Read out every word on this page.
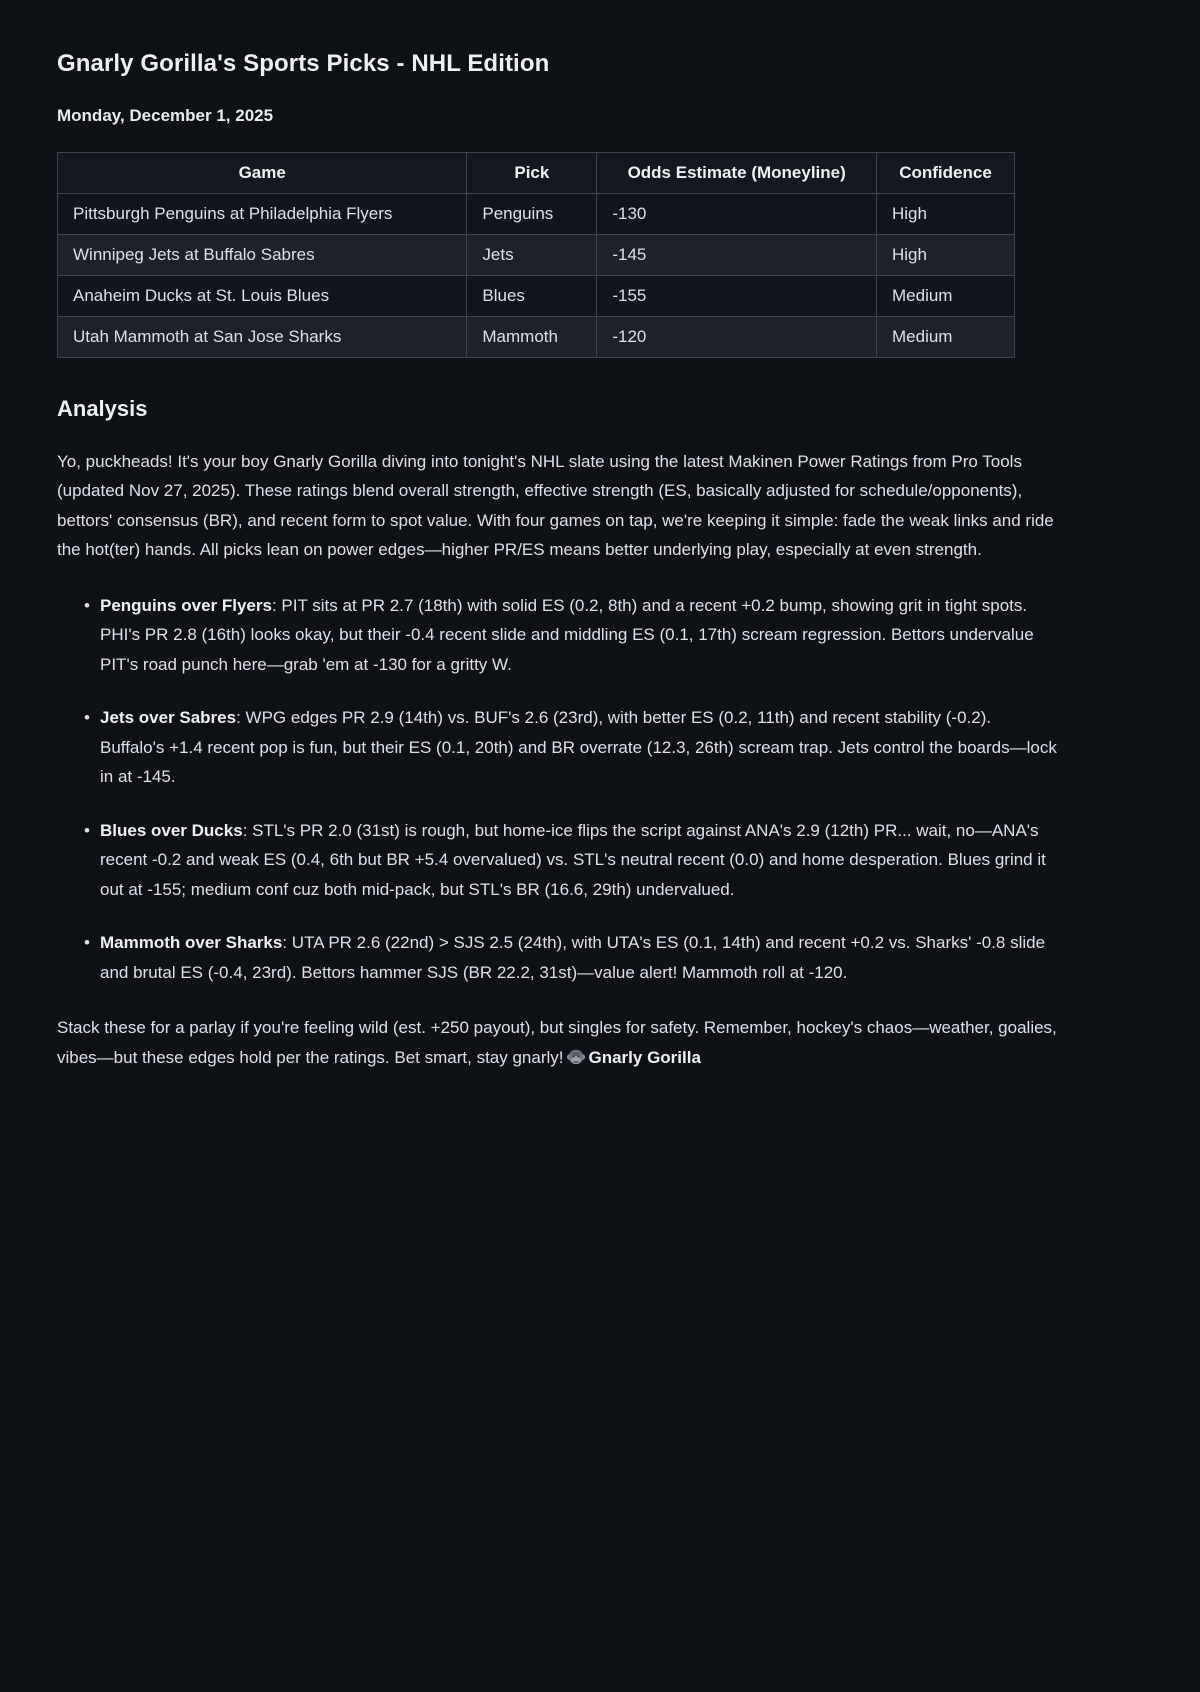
Gnarly Gorilla's Sports Picks - NHL Edition

Monday, December 1, 2025

Game	Pick	Odds Estimate (Moneyline)	Confidence
Pittsburgh Penguins at Philadelphia Flyers	Penguins	-130	High
Winnipeg Jets at Buffalo Sabres	Jets	-145	High
Anaheim Ducks at St. Louis Blues	Blues	-155	Medium
Utah Mammoth at San Jose Sharks	Mammoth	-120	Medium
Analysis

Yo, puckheads! It's your boy Gnarly Gorilla diving into tonight's NHL slate using the latest Makinen Power Ratings from Pro Tools (updated Nov 27, 2025). These ratings blend overall strength, effective strength (ES, basically adjusted for schedule/opponents), bettors' consensus (BR), and recent form to spot value. With four games on tap, we're keeping it simple: fade the weak links and ride the hot(ter) hands. All picks lean on power edges—higher PR/ES means better underlying play, especially at even strength.

• Penguins over Flyers: PIT sits at PR 2.7 (18th) with solid ES (0.2, 8th) and a recent +0.2 bump, showing grit in tight spots. PHI's PR 2.8 (16th) looks okay, but their -0.4 recent slide and middling ES (0.1, 17th) scream regression. Bettors undervalue PIT's road punch here—grab 'em at -130 for a gritty W.
• Jets over Sabres: WPG edges PR 2.9 (14th) vs. BUF's 2.6 (23rd), with better ES (0.2, 11th) and recent stability (-0.2). Buffalo's +1.4 recent pop is fun, but their ES (0.1, 20th) and BR overrate (12.3, 26th) scream trap. Jets control the boards—lock in at -145.
• Blues over Ducks: STL's PR 2.0 (31st) is rough, but home-ice flips the script against ANA's 2.9 (12th) PR... wait, no—ANA's recent -0.2 and weak ES (0.4, 6th but BR +5.4 overvalued) vs. STL's neutral recent (0.0) and home desperation. Blues grind it out at -155; medium conf cuz both mid-pack, but STL's BR (16.6, 29th) undervalued.
• Mammoth over Sharks: UTA PR 2.6 (22nd) > SJS 2.5 (24th), with UTA's ES (0.1, 14th) and recent +0.2 vs. Sharks' -0.8 slide and brutal ES (-0.4, 23rd). Bettors hammer SJS (BR 22.2, 31st)—value alert! Mammoth roll at -120.

Stack these for a parlay if you're feeling wild (est. +250 payout), but singles for safety. Remember, hockey's chaos—weather, goalies, vibes—but these edges hold per the ratings. Bet smart, stay gnarly! Gnarly Gorilla
